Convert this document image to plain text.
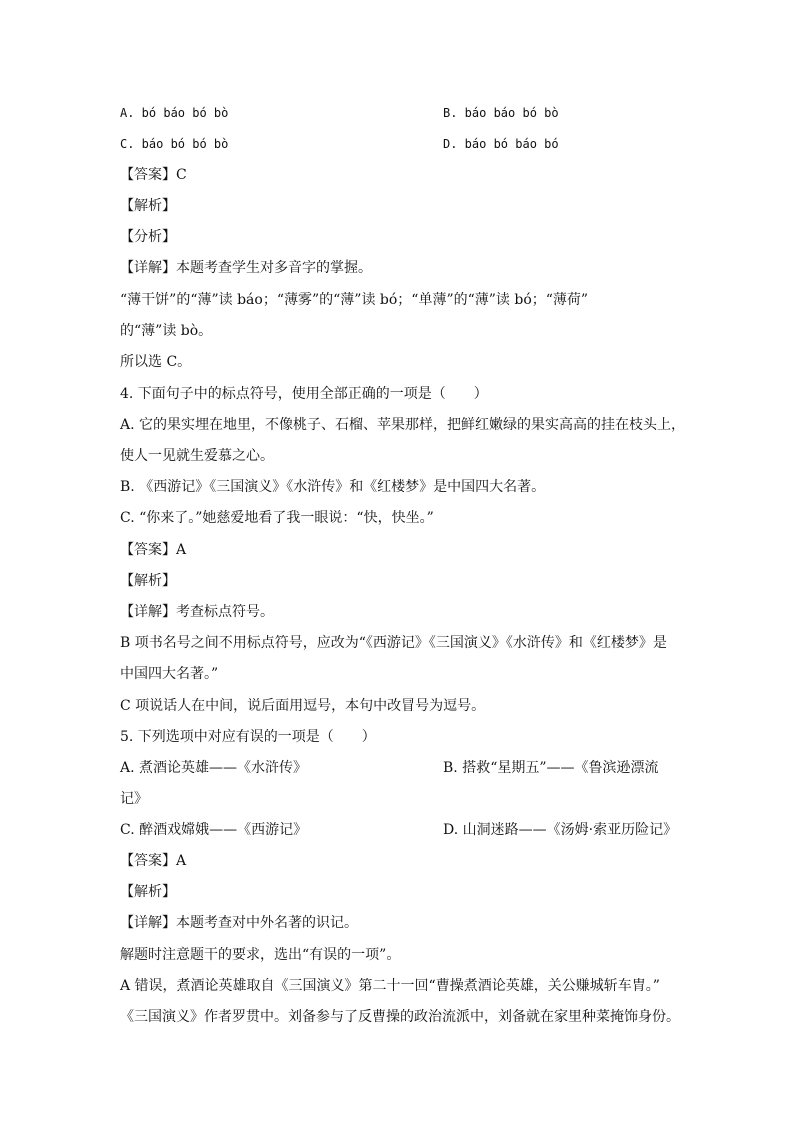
A. bó báo bó bò	B. báo báo bó bò
C. báo bó bó bò	D. báo bó báo bó
【答案】C
【解析】
【分析】
【详解】本题考查学生对多音字的掌握。
“薄干饼”的“薄”读 báo；“薄雾”的“薄”读 bó；“单薄”的“薄”读 bó；“薄荷”
的“薄”读 bò。
所以选 C。
4. 下面句子中的标点符号，使用全部正确的一项是（　　）
A. 它的果实埋在地里，不像桃子、石榴、苹果那样，把鲜红嫩绿的果实高高的挂在枝头上，
使人一见就生爱慕之心。
B. 《西游记》《三国演义》《水浒传》和《红楼梦》是中国四大名著。
C. “你来了。”她慈爱地看了我一眼说：“快，快坐。”
【答案】A
【解析】
【详解】考查标点符号。
B 项书名号之间不用标点符号，应改为“《西游记》《三国演义》《水浒传》和《红楼梦》是
中国四大名著。”
C 项说话人在中间，说后面用逗号，本句中改冒号为逗号。
5. 下列选项中对应有误的一项是（　　）
A. 煮酒论英雄——《水浒传》	B. 搭救“星期五”——《鲁滨逊漂流
记》
C. 醉酒戏嫦娥——《西游记》	D. 山洞迷路——《汤姆·索亚历险记》
【答案】A
【解析】
【详解】本题考查对中外名著的识记。
解题时注意题干的要求，选出“有误的一项”。
A 错误，煮酒论英雄取自《三国演义》第二十一回“曹操煮酒论英雄，关公赚城斩车胄。”
《三国演义》作者罗贯中。刘备参与了反曹操的政治流派中，刘备就在家里种菜掩饰身份。
